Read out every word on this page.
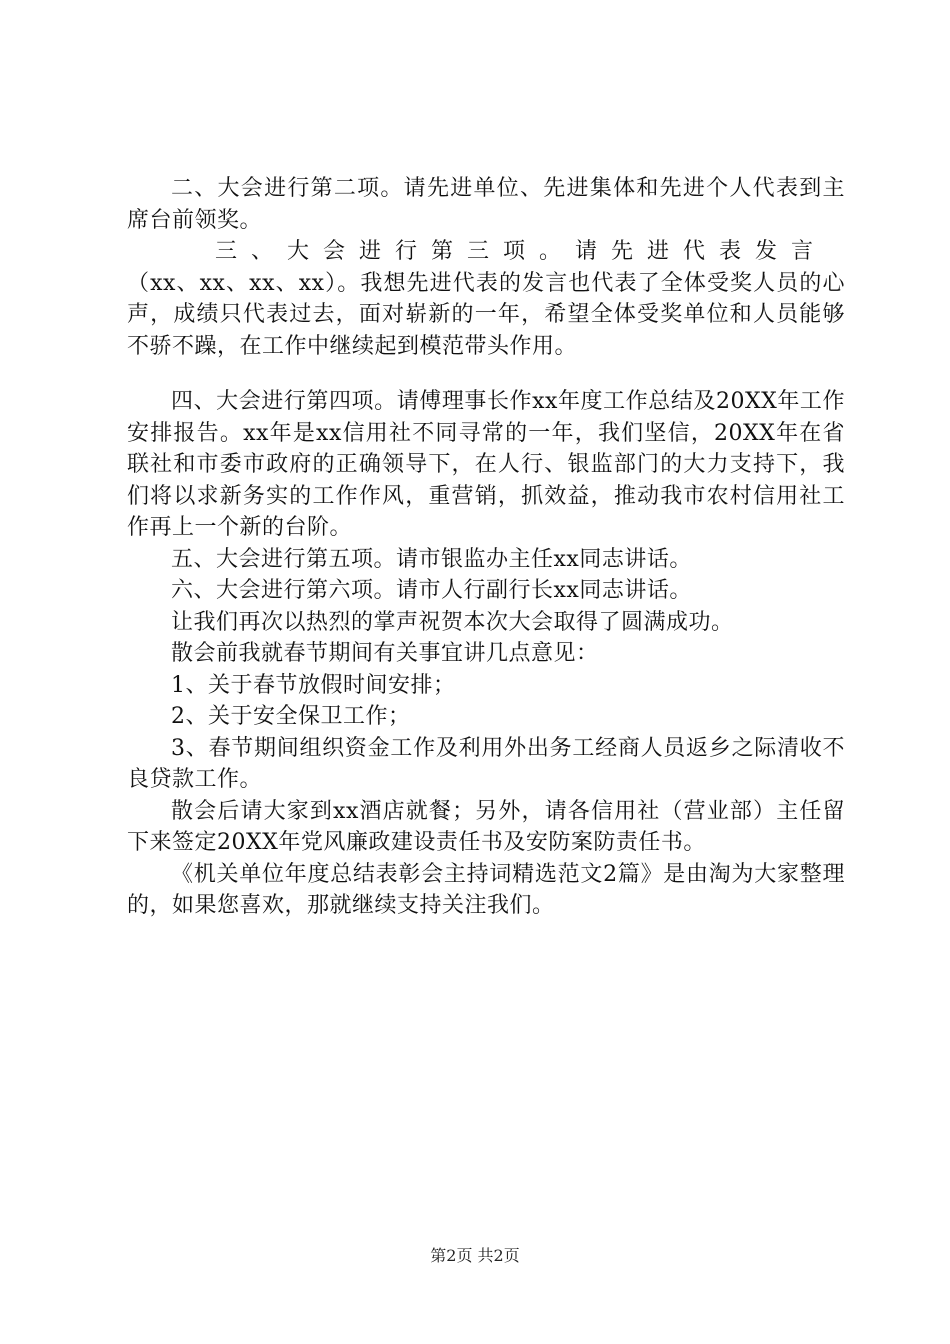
二、大会进行第二项。请先进单位、先进集体和先进个人代表到主席台前领奖。

三、大会进行第三项。请先进代表发言

（xx、xx、xx、xx）。我想先进代表的发言也代表了全体受奖人员的心声，成绩只代表过去，面对崭新的一年，希望全体受奖单位和人员能够不骄不躁，在工作中继续起到模范带头作用。

四、大会进行第四项。请傅理事长作xx年度工作总结及20XX年工作安排报告。xx年是xx信用社不同寻常的一年，我们坚信，20XX年在省联社和市委市政府的正确领导下，在人行、银监部门的大力支持下，我们将以求新务实的工作作风，重营销，抓效益，推动我市农村信用社工作再上一个新的台阶。

五、大会进行第五项。请市银监办主任xx同志讲话。

六、大会进行第六项。请市人行副行长xx同志讲话。

让我们再次以热烈的掌声祝贺本次大会取得了圆满成功。

散会前我就春节期间有关事宜讲几点意见：

1、关于春节放假时间安排；

2、关于安全保卫工作；

3、春节期间组织资金工作及利用外出务工经商人员返乡之际清收不良贷款工作。

散会后请大家到xx酒店就餐；另外，请各信用社（营业部）主任留下来签定20XX年党风廉政建设责任书及安防案防责任书。

《机关单位年度总结表彰会主持词精选范文2篇》是由淘为大家整理的，如果您喜欢，那就继续支持关注我们。

第2页 共2页
